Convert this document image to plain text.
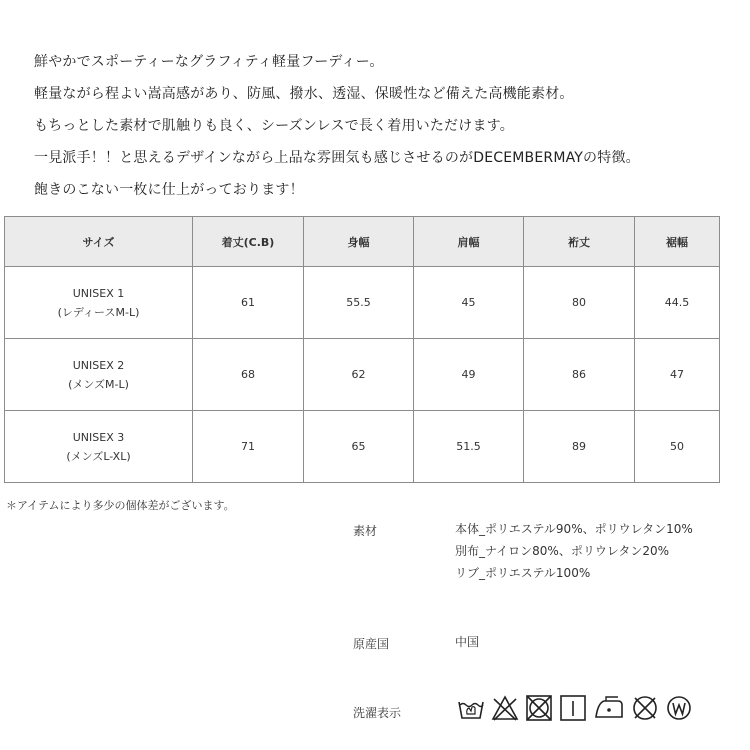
鮮やかでスポーティーなグラフィティ軽量フーディー。

軽量ながら程よい嵩高感があり、防風、撥水、透湿、保暖性など備えた高機能素材。

もちっとした素材で肌触りも良く、シーズンレスで長く着用いただけます。

一見派手！！と思えるデザインながら上品な雰囲気も感じさせるのがDECEMBERMAYの特徴。

飽きのこない一枚に仕上がっております！

サイズ	着丈(C.B)	身幅	肩幅	裄丈	裾幅

UNISEX 1
(レディースM-L)	61	55.5	45	80	44.5

UNISEX 2
(メンズM-L)	68	62	49	86	47

UNISEX 3
(メンズL-XL)	71	65	51.5	89	50
＊アイテムにより多少の個体差がございます。
素材	本体_ポリエステル90%、ポリウレタン10%
別布_ナイロン80%、ポリウレタン20%
リブ_ポリエステル100%
原産国	中国
洗濯表示
